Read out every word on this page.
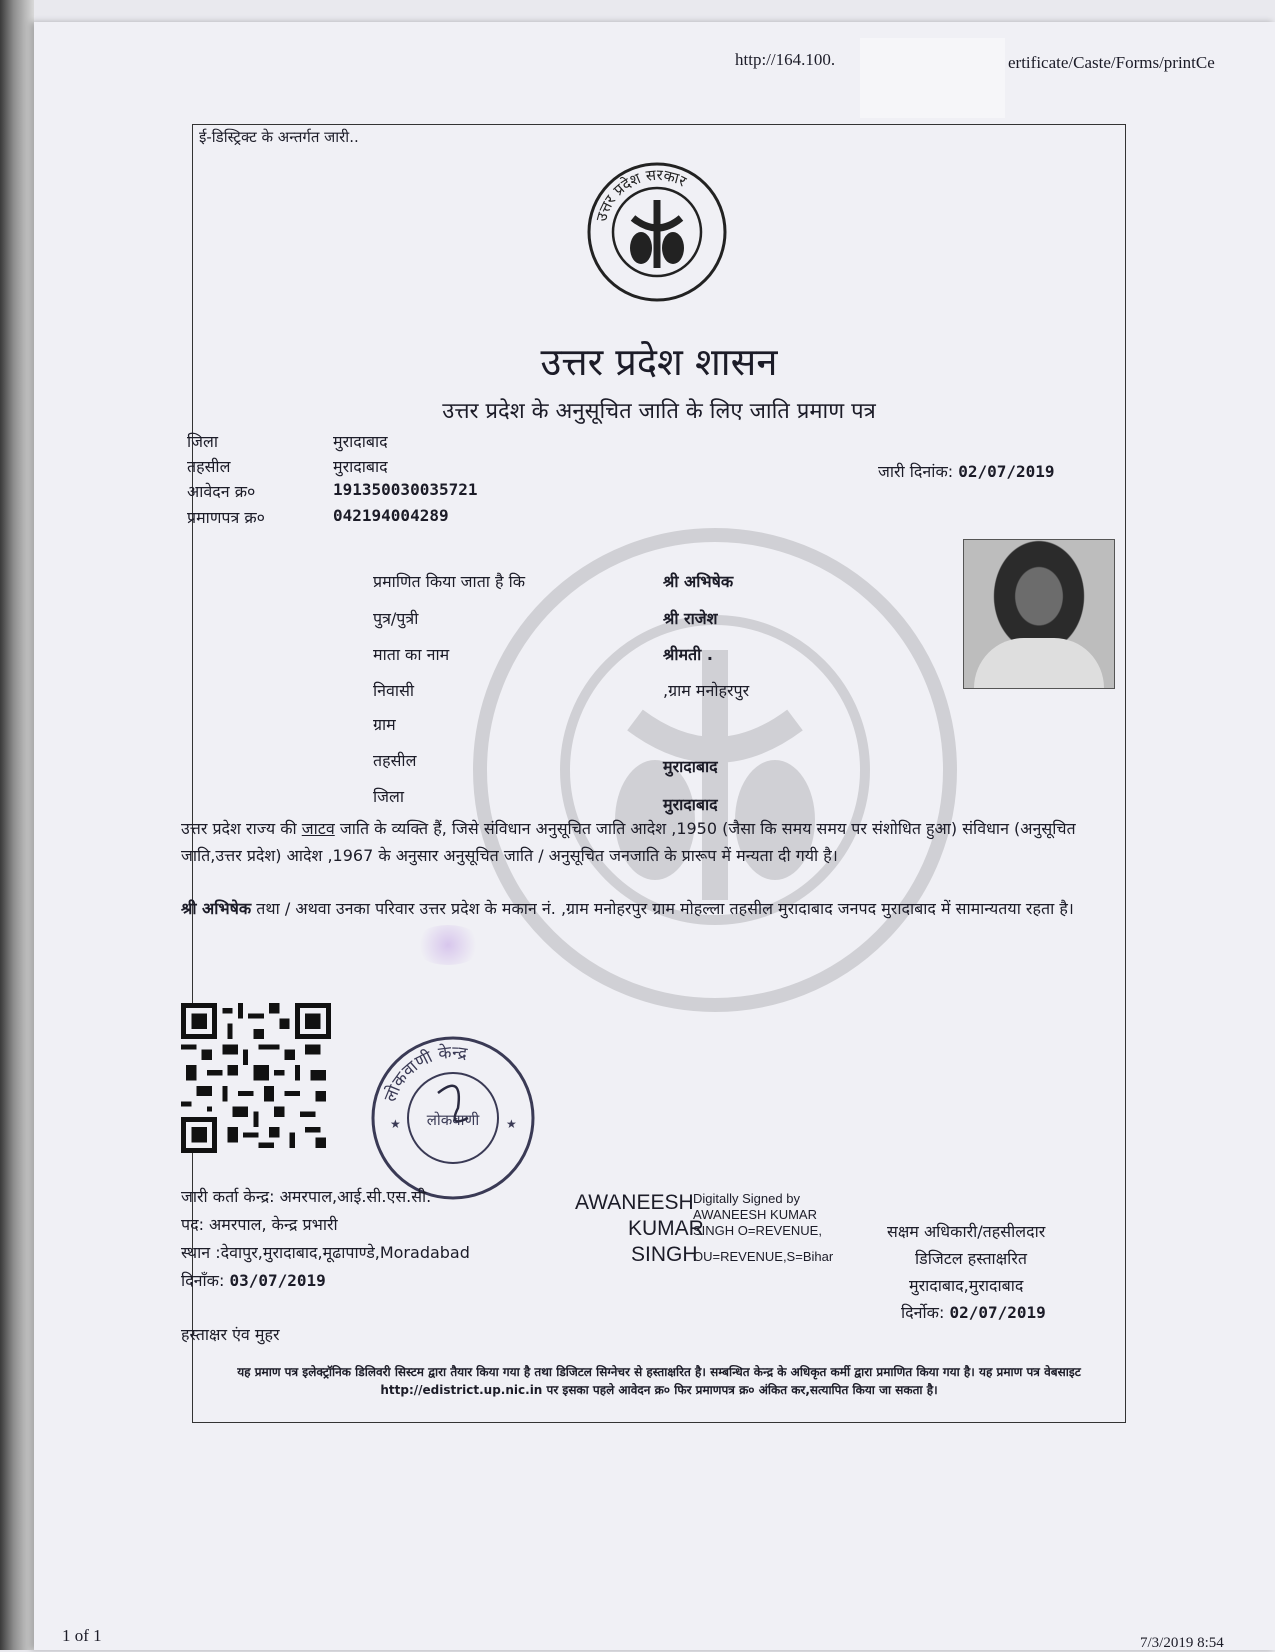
http://164.100.	ertificate/Caste/Forms/printCe
ई-डिस्ट्रिक्ट के अन्तर्गत जारी..
उत्तर प्रदेश सरकार
उत्तर प्रदेश शासन
उत्तर प्रदेश के अनुसूचित जाति के लिए जाति प्रमाण पत्र
जिला	मुरादाबाद
तहसील	मुरादाबाद
आवेदन क्र०	191350030035721
प्रमाणपत्र क्र०	042194004289
जारी दिनांक: 02/07/2019
प्रमाणित किया जाता है कि	श्री अभिषेक
पुत्र/पुत्री	श्री राजेश
माता का नाम	श्रीमती .
निवासी	,ग्राम मनोहरपुर
ग्राम
तहसील	मुरादाबाद
जिला	मुरादाबाद
उत्तर प्रदेश राज्य की जाटव जाति के व्यक्ति हैं, जिसे संविधान अनुसूचित जाति आदेश ,1950 (जैसा कि समय समय पर संशोधित हुआ) संविधान (अनुसूचित जाति,उत्तर प्रदेश) आदेश ,1967 के अनुसार अनुसूचित जाति / अनुसूचित जनजाति के प्रारूप में मन्यता दी गयी है।
श्री अभिषेक तथा / अथवा उनका परिवार उत्तर प्रदेश के मकान नं. ,ग्राम मनोहरपुर ग्राम मोहल्ला तहसील मुरादाबाद जनपद मुरादाबाद में सामान्यतया रहता है।
लोकवाणी केन्द्र
लोकवाणी
★	★
जारी कर्ता केन्द्र: अमरपाल,आई.सी.एस.सी.
पद: अमरपाल, केन्द्र प्रभारी
स्थान :देवापुर,मुरादाबाद,मूढापाण्डे,Moradabad
दिनाँक: 03/07/2019
हस्ताक्षर एंव मुहर
AWANEESH
KUMAR
SINGH
Digitally Signed by
AWANEESH KUMAR
SINGH O=REVENUE,
OU=REVENUE,S=Bihar
सक्षम अधिकारी/तहसीलदार
डिजिटल हस्ताक्षरित
मुरादाबाद,मुरादाबाद
दिर्नोक: 02/07/2019
यह प्रमाण पत्र इलेक्ट्रॉनिक डिलिवरी सिस्टम द्वारा तैयार किया गया है तथा डिजिटल सिग्नेचर से हस्ताक्षरित है। सम्बन्धित केन्द्र के अधिकृत कर्मी द्वारा प्रमाणित किया गया है। यह प्रमाण पत्र वेबसाइट http://edistrict.up.nic.in पर इसका पहले आवेदन क्र० फिर प्रमाणपत्र क्र० अंकित कर,सत्यापित किया जा सकता है।
1 of 1	7/3/2019 8:54
